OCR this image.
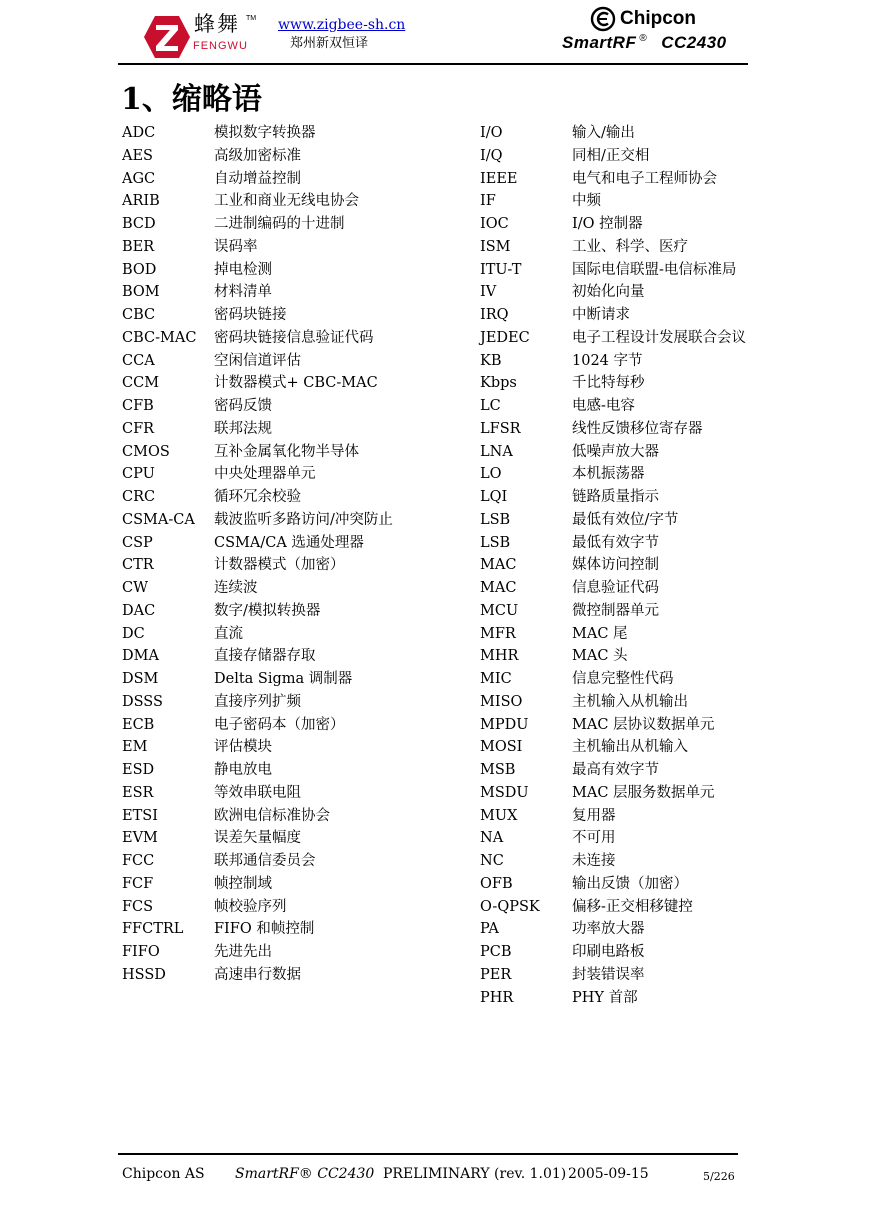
蜂舞 TM
FENGWU
www.zigbee-sh.cn
郑州新双恒译
Chipcon
SmartRF ® CC2430
1、缩略语
ADC	模拟数字转换器
AES	高级加密标准
AGC	自动增益控制
ARIB	工业和商业无线电协会
BCD	二进制编码的十进制
BER	误码率
BOD	掉电检测
BOM	材料清单
CBC	密码块链接
CBC-MAC 密码块链接信息验证代码
CCA	空闲信道评估
CCM	计数器模式+ CBC-MAC
CFB	密码反馈
CFR	联邦法规
CMOS	互补金属氧化物半导体
CPU	中央处理器单元
CRC	循环冗余校验
CSMA-CA 载波监听多路访问/冲突防止
CSP	CSMA/CA 选通处理器
CTR	计数器模式（加密）
CW	连续波
DAC	数字/模拟转换器
DC	直流
DMA	直接存储器存取
DSM	Delta Sigma 调制器
DSSS	直接序列扩频
ECB	电子密码本（加密）
EM	评估模块
ESD	静电放电
ESR	等效串联电阻
ETSI	欧洲电信标准协会
EVM	误差矢量幅度
FCC	联邦通信委员会
FCF	帧控制域
FCS	帧校验序列
FFCTRL FIFO 和帧控制
FIFO	先进先出
HSSD	高速串行数据
I/O	输入/输出
I/Q	同相/正交相
IEEE	电气和电子工程师协会
IF	中频
IOC	I/O 控制器
ISM	工业、科学、医疗
ITU-T	国际电信联盟-电信标准局
IV	初始化向量
IRQ	中断请求
JEDEC	电子工程设计发展联合会议
KB	1024 字节
Kbps	千比特每秒
LC	电感-电容
LFSR	线性反馈移位寄存器
LNA	低噪声放大器
LO	本机振荡器
LQI	链路质量指示
LSB	最低有效位/字节
LSB	最低有效字节
MAC	媒体访问控制
MAC	信息验证代码
MCU	微控制器单元
MFR	MAC 尾
MHR	MAC 头
MIC	信息完整性代码
MISO	主机输入从机输出
MPDU	MAC 层协议数据单元
MOSI	主机输出从机输入
MSB	最高有效字节
MSDU	MAC 层服务数据单元
MUX	复用器
NA	不可用
NC	未连接
OFB	输出反馈（加密）
O-QPSK 偏移-正交相移键控
PA	功率放大器
PCB	印刷电路板
PER	封装错误率
PHR	PHY 首部
Chipcon AS SmartRF® CC2430 PRELIMINARY (rev. 1.01) 2005-09-15	5/226
